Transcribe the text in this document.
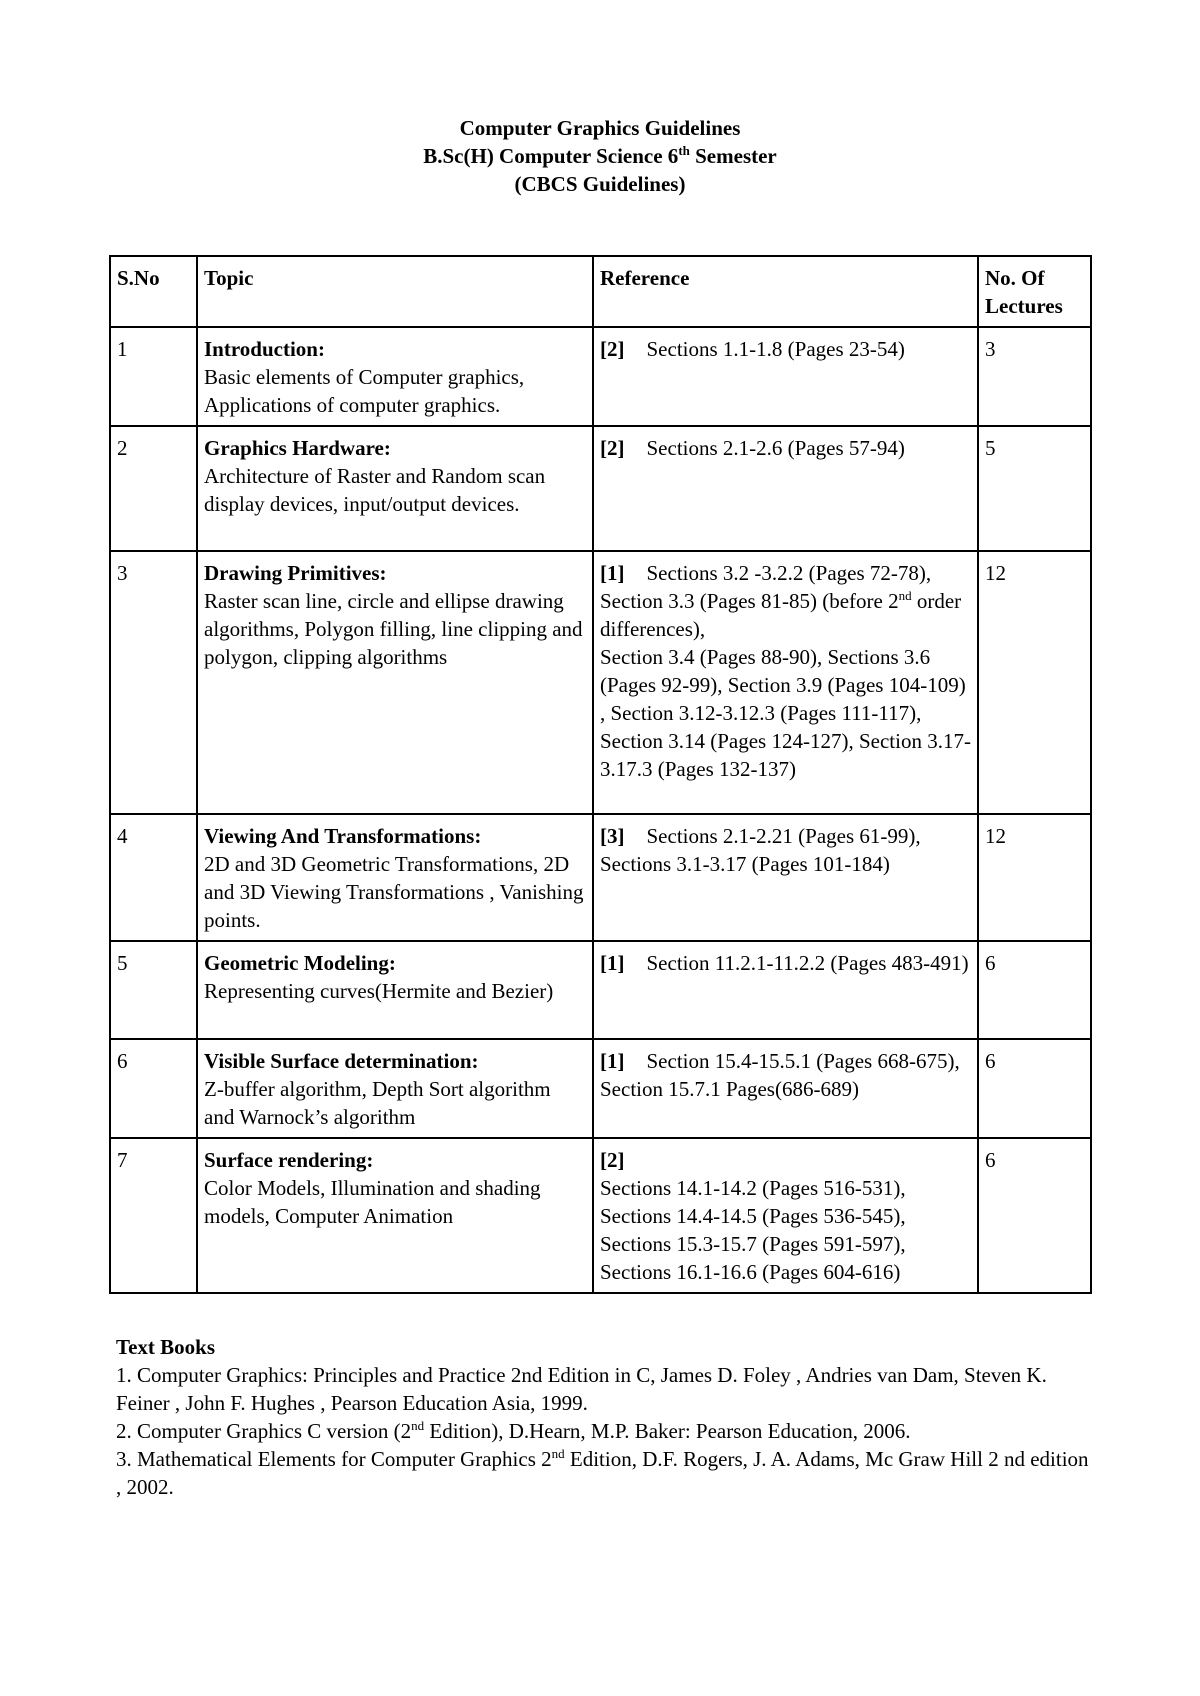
Computer Graphics Guidelines
B.Sc(H) Computer Science 6th Semester
(CBCS Guidelines)
S.No	Topic	Reference	No. Of Lectures
1	Introduction:
Basic elements of Computer graphics, Applications of computer graphics.	[2] Sections 1.1-1.8 (Pages 23-54)	3
2	Graphics Hardware:
Architecture of Raster and Random scan display devices, input/output devices.	[2] Sections 2.1-2.6 (Pages 57-94)	5
3	Drawing Primitives:
Raster scan line, circle and ellipse drawing algorithms, Polygon filling, line clipping and polygon, clipping algorithms	[1] Sections 3.2 -3.2.2 (Pages 72-78), Section 3.3 (Pages 81-85) (before 2nd order differences),
Section 3.4 (Pages 88-90), Sections 3.6 (Pages 92-99), Section 3.9 (Pages 104-109) , Section 3.12-3.12.3 (Pages 111-117), Section 3.14 (Pages 124-127), Section 3.17-3.17.3 (Pages 132-137)	12
4	Viewing And Transformations:
2D and 3D Geometric Transformations, 2D and 3D Viewing Transformations , Vanishing points.	[3] Sections 2.1-2.21 (Pages 61-99), Sections 3.1-3.17 (Pages 101-184)	12
5	Geometric Modeling:
Representing curves(Hermite and Bezier)	[1] Section 11.2.1-11.2.2 (Pages 483-491)	6
6	Visible Surface determination:
Z-buffer algorithm, Depth Sort algorithm and Warnock’s algorithm	[1] Section 15.4-15.5.1 (Pages 668-675), Section 15.7.1 Pages(686-689)	6
7	Surface rendering:
Color Models, Illumination and shading models, Computer Animation	[2]
Sections 14.1-14.2 (Pages 516-531),
Sections 14.4-14.5 (Pages 536-545),
Sections 15.3-15.7 (Pages 591-597),
Sections 16.1-16.6 (Pages 604-616)	6
Text Books
1. Computer Graphics: Principles and Practice 2nd Edition in C, James D. Foley , Andries van Dam, Steven K. Feiner , John F. Hughes , Pearson Education Asia, 1999.
2. Computer Graphics C version (2nd Edition), D.Hearn, M.P. Baker: Pearson Education, 2006.
3. Mathematical Elements for Computer Graphics 2nd Edition, D.F. Rogers, J. A. Adams, Mc Graw Hill 2 nd edition , 2002.
